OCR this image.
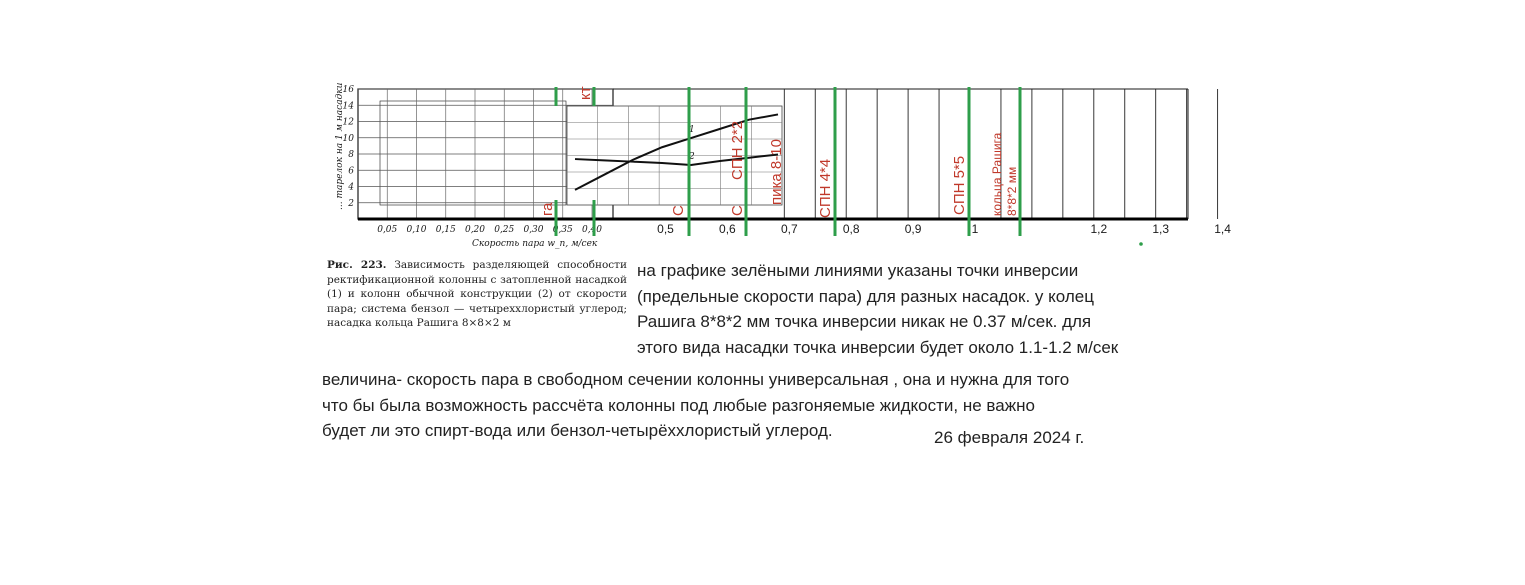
1
2
16
14
12
10
8
6
4
2
0,05 0,10 0,15 0,20 0,25 0,30 0,35 0,40	0,5	0,6	0,7	0,8	0,9	1	1,2	1,3	1,4
... тарелок на 1 м насадки
Скорость пара w_п, м/сек
га
кт
СПН 2*2 пика 8-10 СПН 4*4	СПН 5*5 кольца Рашига 8*8*2 мм
С	С
Рис. 223. Зависимость разделяющей способности ректификационной колонны с затопленной насадкой (1) и колонн обычной конструкции (2) от скорости пара; система бензол — четыреххлористый углерод; насадка кольца Рашига 8×8×2 м
на графике зелёными линиями указаны точки инверсии
(предельные скорости пара) для разных насадок. у колец
Рашига 8*8*2 мм точка инверсии никак не 0.37 м/сек. для
этого вида насадки точка инверсии будет около 1.1-1.2 м/сек
величина- скорость пара в свободном сечении колонны универсальная , она и нужна для того
что бы была возможность рассчёта колонны под любые разгоняемые жидкости, не важно
будет ли это спирт-вода или бензол-четырёххлористый углерод.	26 февраля 2024 г.
